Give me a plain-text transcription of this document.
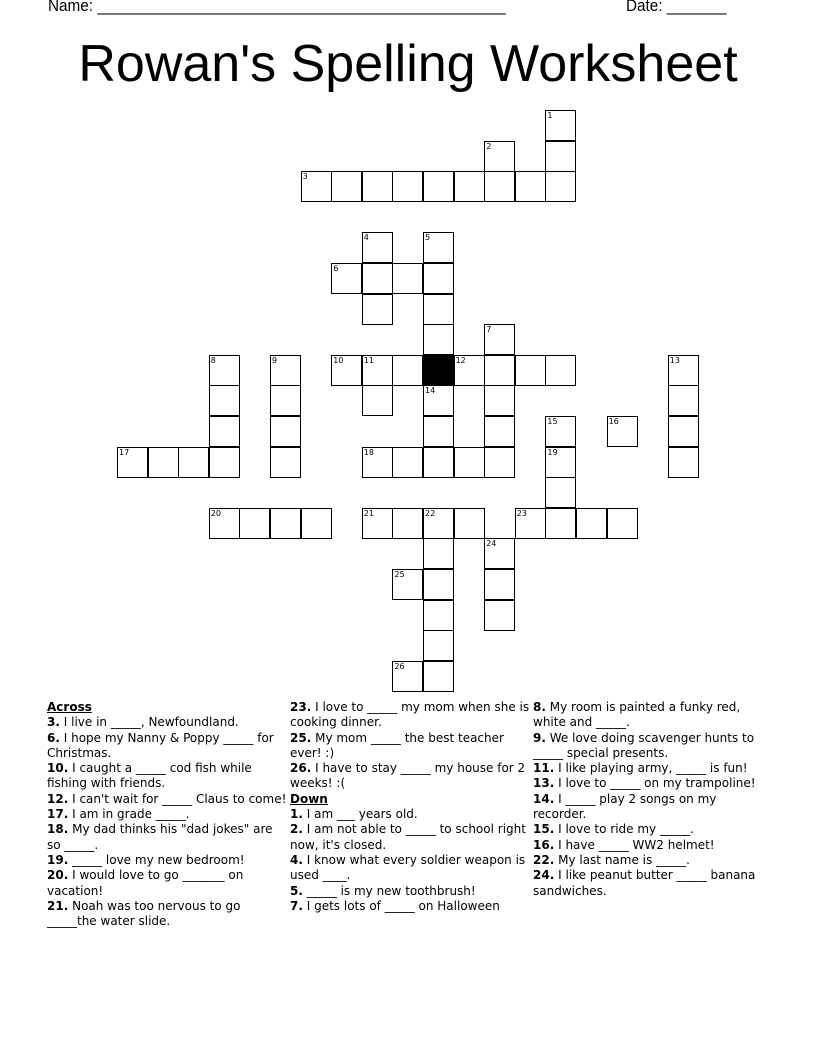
Name: ________________________________________________	Date: _______
Rowan's Spelling Worksheet
1
2
3
4	5
6
7
8	9	10	11	12	13
14
15	16
17	18	19
20	21	22	23
24
25
26
Across
3. I live in _____, Newfoundland.
6. I hope my Nanny & Poppy _____ for Christmas.
10. I caught a _____ cod fish while fishing with friends.
12. I can't wait for _____ Claus to come!
17. I am in grade _____.
18. My dad thinks his "dad jokes" are so _____.
19. _____ love my new bedroom!
20. I would love to go _______ on vacation!
21. Noah was too nervous to go _____the water slide.
23. I love to _____ my mom when she is cooking dinner.
25. My mom _____ the best teacher ever! :)
26. I have to stay _____ my house for 2 weeks! :(
Down
1. I am ___ years old.
2. I am not able to _____ to school right now, it's closed.
4. I know what every soldier weapon is used ____.
5. _____ is my new toothbrush!
7. I gets lots of _____ on Halloween
8. My room is painted a funky red, white and _____.
9. We love doing scavenger hunts to _____ special presents.
11. I like playing army, _____ is fun!
13. I love to _____ on my trampoline!
14. I _____ play 2 songs on my recorder.
15. I love to ride my _____.
16. I have _____ WW2 helmet!
22. My last name is _____.
24. I like peanut butter _____ banana sandwiches.
